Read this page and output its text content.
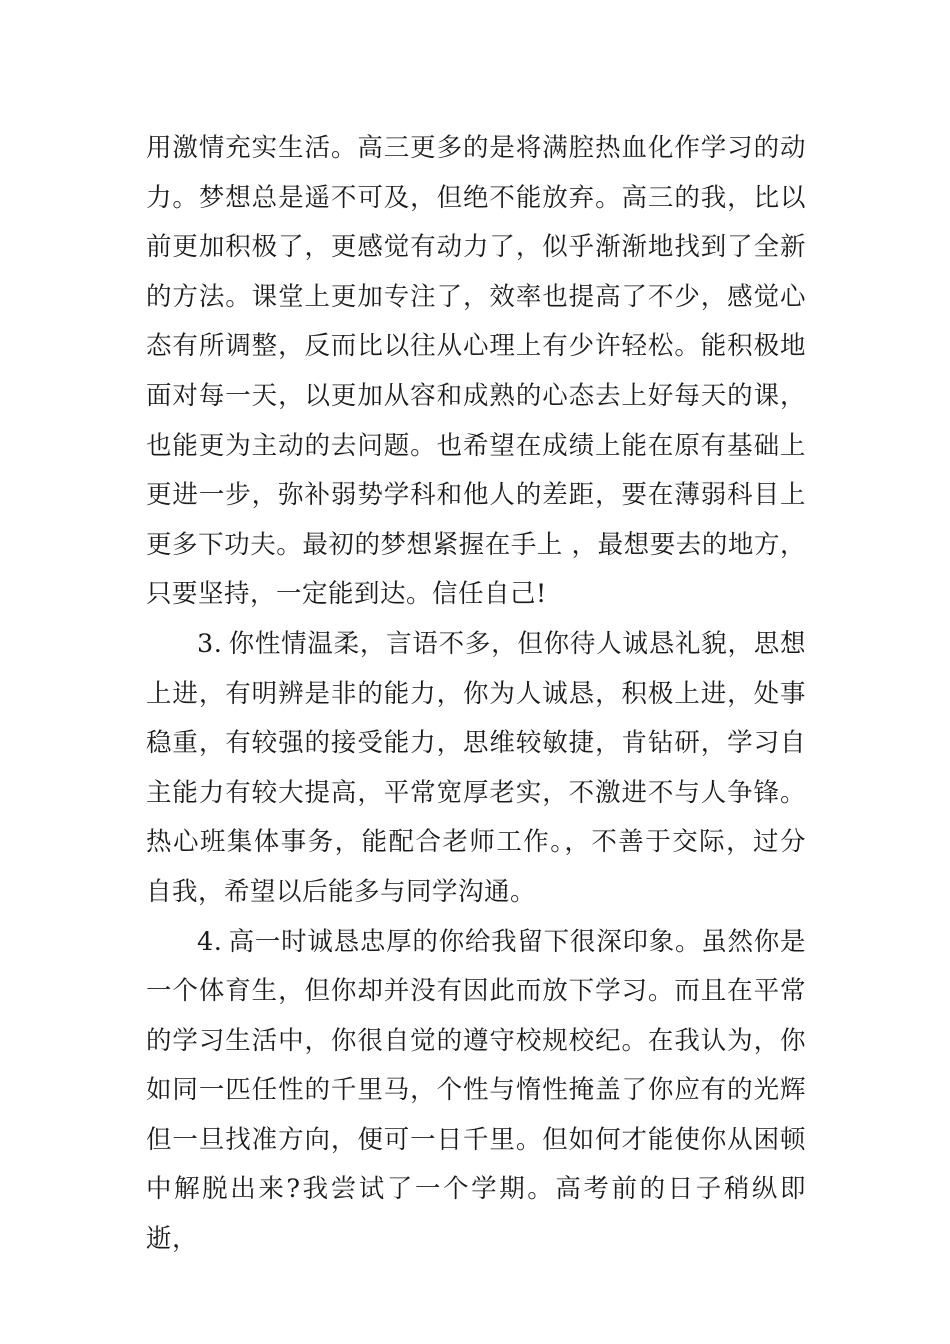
用激情充实生活。高三更多的是将满腔热血化作学习的动力。梦想总是遥不可及，但绝不能放弃。高三的我，比以前更加积极了，更感觉有动力了，似乎渐渐地找到了全新的方法。课堂上更加专注了，效率也提高了不少，感觉心态有所调整，反而比以往从心理上有少许轻松。能积极地面对每一天，以更加从容和成熟的心态去上好每天的课，也能更为主动的去问题。也希望在成绩上能在原有基础上更进一步，弥补弱势学科和他人的差距，要在薄弱科目上更多下功夫。最初的梦想紧握在手上 ，最想要去的地方，只要坚持，一定能到达。信任自己!

3. 你性情温柔，言语不多，但你待人诚恳礼貌，思想上进，有明辨是非的能力，你为人诚恳，积极上进，处事稳重，有较强的接受能力，思维较敏捷，肯钻研，学习自主能力有较大提高，平常宽厚老实，不激进不与人争锋。热心班集体事务，能配合老师工作。，不善于交际，过分自我，希望以后能多与同学沟通。

4. 高一时诚恳忠厚的你给我留下很深印象。虽然你是一个体育生，但你却并没有因此而放下学习。而且在平常的学习生活中，你很自觉的遵守校规校纪。在我认为，你如同一匹任性的千里马，个性与惰性掩盖了你应有的光辉但一旦找准方向，便可一日千里。但如何才能使你从困顿中解脱出来?我尝试了一个学期。高考前的日子稍纵即逝，
